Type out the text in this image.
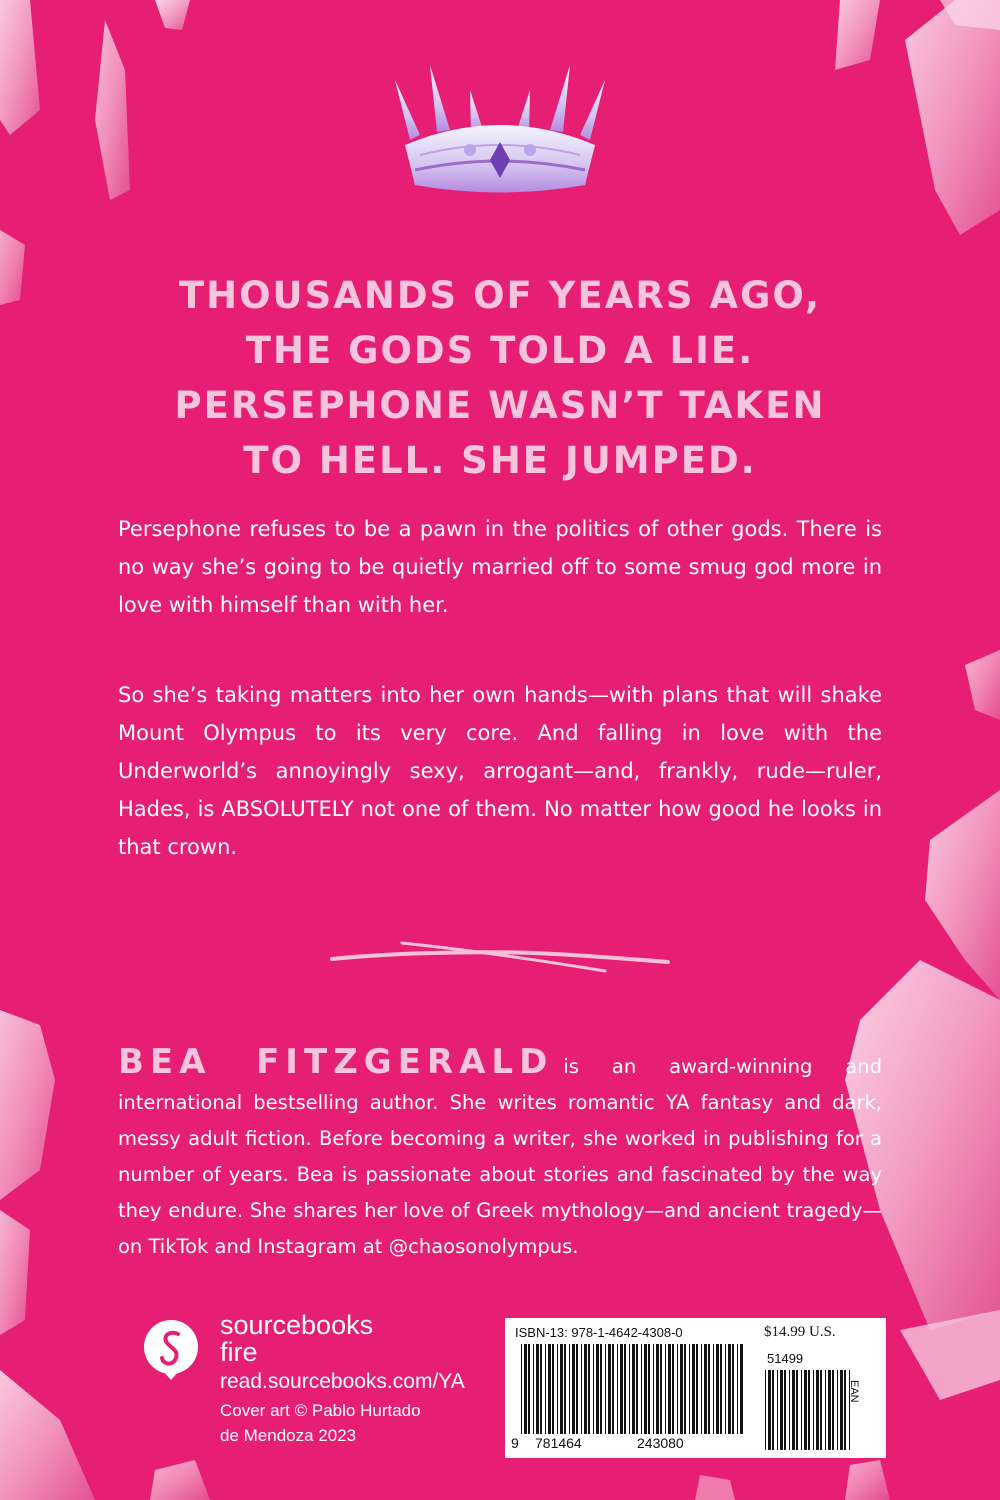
THOUSANDS OF YEARS AGO,
THE GODS TOLD A LIE.
PERSEPHONE WASN’T TAKEN
TO HELL. SHE JUMPED.

Persephone refuses to be a pawn in the politics of other gods. There is no way she’s going to be quietly married off to some smug god more in love with himself than with her.

So she’s taking matters into her own hands—with plans that will shake Mount Olympus to its very core. And falling in love with the Underworld’s annoyingly sexy, arrogant—and, frankly, rude—ruler, Hades, is ABSOLUTELY not one of them. No matter how good he looks in that crown.

BEA FITZGERALD is an award-winning and international bestselling author. She writes romantic YA fantasy and dark, messy adult fiction. Before becoming a writer, she worked in publishing for a number of years. Bea is passionate about stories and fascinated by the way they endure. She shares her love of Greek mythology—and ancient tragedy—on TikTok and Instagram at @chaosonolympus.

sourcebooks
fire
read.sourcebooks.com/YA
Cover art © Pablo Hurtado
de Mendoza 2023
ISBN-13: 978-1-4642-4308-0	$14.99 U.S.
51499
9 781464	243080
EAN
